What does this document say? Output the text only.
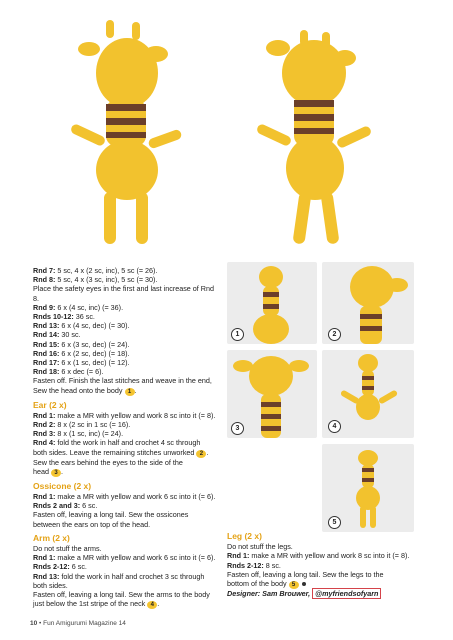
1	2
3	4
5

Rnd 7: 5 sc, 4 x (2 sc, inc), 5 sc (= 26).

Rnd 8: 5 sc, 4 x (3 sc, inc), 5 sc (= 30).

Place the safety eyes in the first and last increase of Rnd 8.

Rnd 9: 6 x (4 sc, inc) (= 36).

Rnds 10-12: 36 sc.

Rnd 13: 6 x (4 sc, dec) (= 30).

Rnd 14: 30 sc.

Rnd 15: 6 x (3 sc, dec) (= 24).

Rnd 16: 6 x (2 sc, dec) (= 18).

Rnd 17: 6 x (1 sc, dec) (= 12).

Rnd 18: 6 x dec (= 6).

Fasten off. Finish the last stitches and weave in the end,

Sew the head onto the body 1 .

Ear (2 x)

Rnd 1: make a MR with yellow and work 8 sc into it (= 8).

Rnd 2: 8 x (2 sc in 1 sc (= 16).

Rnd 3: 8 x (1 sc, inc) (= 24).

Rnd 4: fold the work in half and crochet 4 sc through

both sides. Leave the remaining stitches unworked 2 .

Sew the ears behind the eyes to the side of the

head 3 .

Ossicone (2 x)

Rnd 1: make a MR with yellow and work 6 sc into it (= 6).

Rnds 2 and 3: 6 sc.

Fasten off, leaving a long tail. Sew the ossicones

between the ears on top of the head.

Arm (2 x)

Do not stuff the arms.

Rnd 1: make a MR with yellow and work 6 sc into it (= 6).

Rnds 2-12: 6 sc.

Rnd 13: fold the work in half and crochet 3 sc through

both sides.

Fasten off, leaving a long tail. Sew the arms to the body

just below the 1st stripe of the neck 4 .

Leg (2 x)

Do not stuff the legs.

Rnd 1: make a MR with yellow and work 8 sc into it (= 8).

Rnds 2-12: 8 sc.

Fasten off, leaving a long tail. Sew the legs to the

bottom of the body 5

Designer: Sam Brouwer, @myfriendsofyarn

10 • Fun Amigurumi Magazine 14
